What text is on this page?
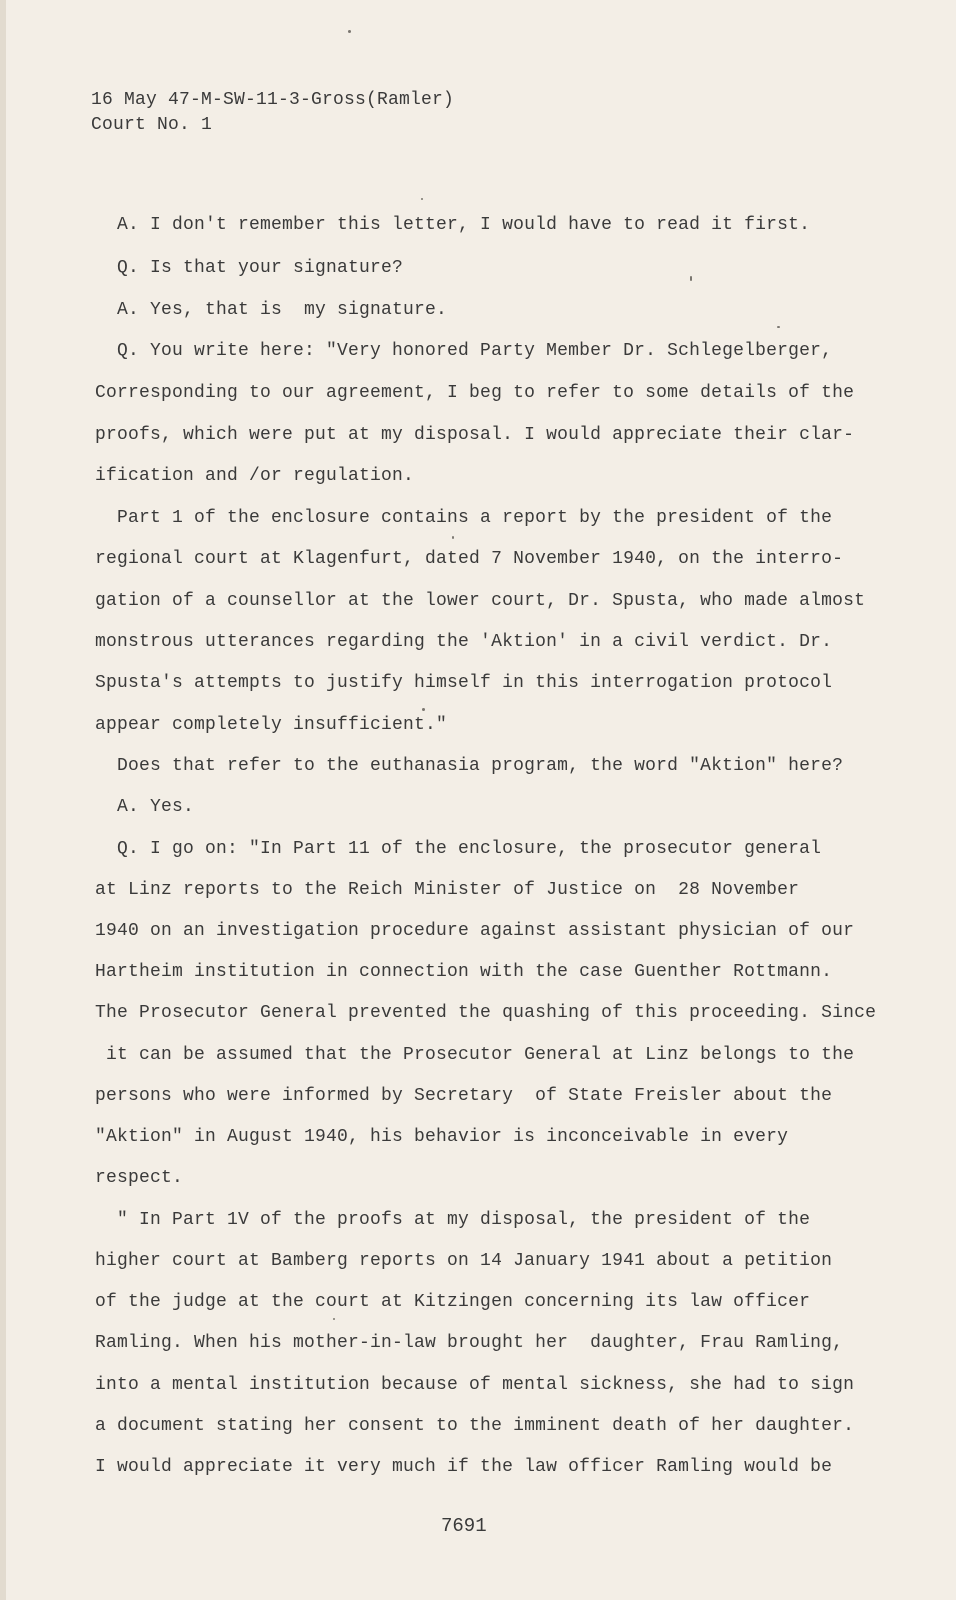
16 May 47-M-SW-11-3-Gross(Ramler)
Court No. 1
A. I don't remember this letter, I would have to read it first.
Q. Is that your signature?
A. Yes, that is  my signature.
Q. You write here: "Very honored Party Member Dr. Schlegelberger,
Corresponding to our agreement, I beg to refer to some details of the
proofs, which were put at my disposal. I would appreciate their clar-
ification and /or regulation.
Part 1 of the enclosure contains a report by the president of the
regional court at Klagenfurt, dated 7 November 1940, on the interro-
gation of a counsellor at the lower court, Dr. Spusta, who made almost
monstrous utterances regarding the 'Aktion' in a civil verdict. Dr.
Spusta's attempts to justify himself in this interrogation protocol
appear completely insufficient."
Does that refer to the euthanasia program, the word "Aktion" here?
A. Yes.
Q. I go on: "In Part 11 of the enclosure, the prosecutor general
at Linz reports to the Reich Minister of Justice on  28 November
1940 on an investigation procedure against assistant physician of our
Hartheim institution in connection with the case Guenther Rottmann.
The Prosecutor General prevented the quashing of this proceeding. Since
it can be assumed that the Prosecutor General at Linz belongs to the
persons who were informed by Secretary  of State Freisler about the
"Aktion" in August 1940, his behavior is inconceivable in every
respect.
" In Part 1V of the proofs at my disposal, the president of the
higher court at Bamberg reports on 14 January 1941 about a petition
of the judge at the court at Kitzingen concerning its law officer
Ramling. When his mother-in-law brought her  daughter, Frau Ramling,
into a mental institution because of mental sickness, she had to sign
a document stating her consent to the imminent death of her daughter.
I would appreciate it very much if the law officer Ramling would be
7691
